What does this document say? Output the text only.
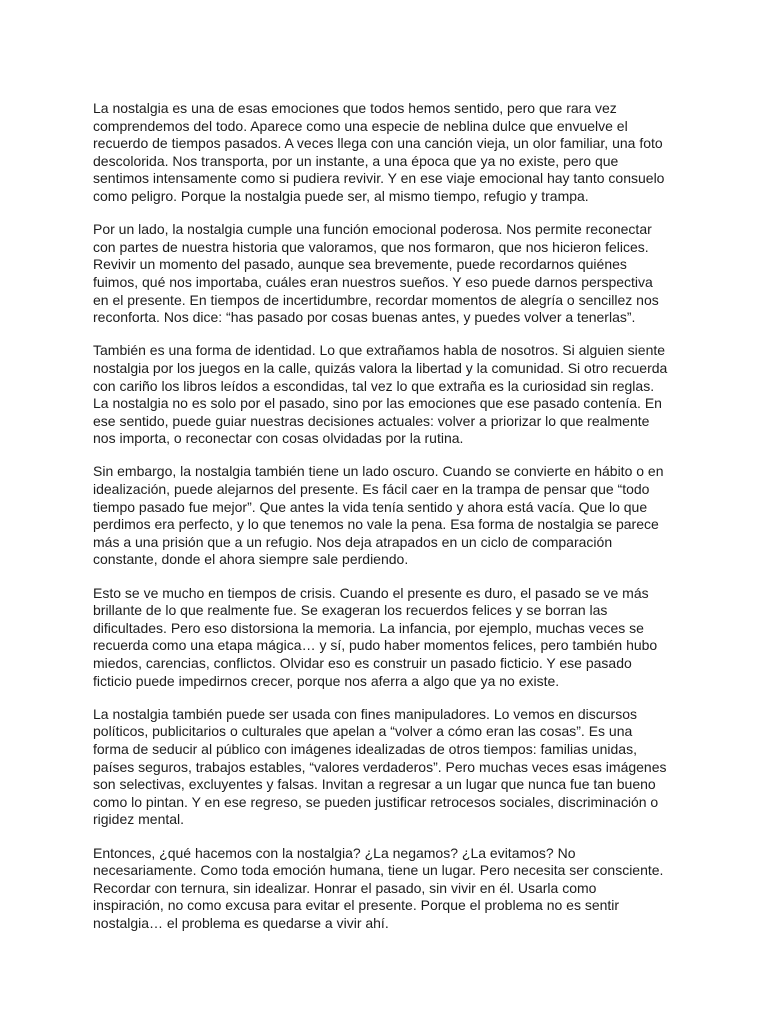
La nostalgia es una de esas emociones que todos hemos sentido, pero que rara vez
comprendemos del todo. Aparece como una especie de neblina dulce que envuelve el
recuerdo de tiempos pasados. A veces llega con una canción vieja, un olor familiar, una foto
descolorida. Nos transporta, por un instante, a una época que ya no existe, pero que
sentimos intensamente como si pudiera revivir. Y en ese viaje emocional hay tanto consuelo
como peligro. Porque la nostalgia puede ser, al mismo tiempo, refugio y trampa.

Por un lado, la nostalgia cumple una función emocional poderosa. Nos permite reconectar
con partes de nuestra historia que valoramos, que nos formaron, que nos hicieron felices.
Revivir un momento del pasado, aunque sea brevemente, puede recordarnos quiénes
fuimos, qué nos importaba, cuáles eran nuestros sueños. Y eso puede darnos perspectiva
en el presente. En tiempos de incertidumbre, recordar momentos de alegría o sencillez nos
reconforta. Nos dice: “has pasado por cosas buenas antes, y puedes volver a tenerlas”.

También es una forma de identidad. Lo que extrañamos habla de nosotros. Si alguien siente
nostalgia por los juegos en la calle, quizás valora la libertad y la comunidad. Si otro recuerda
con cariño los libros leídos a escondidas, tal vez lo que extraña es la curiosidad sin reglas.
La nostalgia no es solo por el pasado, sino por las emociones que ese pasado contenía. En
ese sentido, puede guiar nuestras decisiones actuales: volver a priorizar lo que realmente
nos importa, o reconectar con cosas olvidadas por la rutina.

Sin embargo, la nostalgia también tiene un lado oscuro. Cuando se convierte en hábito o en
idealización, puede alejarnos del presente. Es fácil caer en la trampa de pensar que “todo
tiempo pasado fue mejor”. Que antes la vida tenía sentido y ahora está vacía. Que lo que
perdimos era perfecto, y lo que tenemos no vale la pena. Esa forma de nostalgia se parece
más a una prisión que a un refugio. Nos deja atrapados en un ciclo de comparación
constante, donde el ahora siempre sale perdiendo.

Esto se ve mucho en tiempos de crisis. Cuando el presente es duro, el pasado se ve más
brillante de lo que realmente fue. Se exageran los recuerdos felices y se borran las
dificultades. Pero eso distorsiona la memoria. La infancia, por ejemplo, muchas veces se
recuerda como una etapa mágica… y sí, pudo haber momentos felices, pero también hubo
miedos, carencias, conflictos. Olvidar eso es construir un pasado ficticio. Y ese pasado
ficticio puede impedirnos crecer, porque nos aferra a algo que ya no existe.

La nostalgia también puede ser usada con fines manipuladores. Lo vemos en discursos
políticos, publicitarios o culturales que apelan a “volver a cómo eran las cosas”. Es una
forma de seducir al público con imágenes idealizadas de otros tiempos: familias unidas,
países seguros, trabajos estables, “valores verdaderos”. Pero muchas veces esas imágenes
son selectivas, excluyentes y falsas. Invitan a regresar a un lugar que nunca fue tan bueno
como lo pintan. Y en ese regreso, se pueden justificar retrocesos sociales, discriminación o
rigidez mental.

Entonces, ¿qué hacemos con la nostalgia? ¿La negamos? ¿La evitamos? No
necesariamente. Como toda emoción humana, tiene un lugar. Pero necesita ser consciente.
Recordar con ternura, sin idealizar. Honrar el pasado, sin vivir en él. Usarla como
inspiración, no como excusa para evitar el presente. Porque el problema no es sentir
nostalgia… el problema es quedarse a vivir ahí.
